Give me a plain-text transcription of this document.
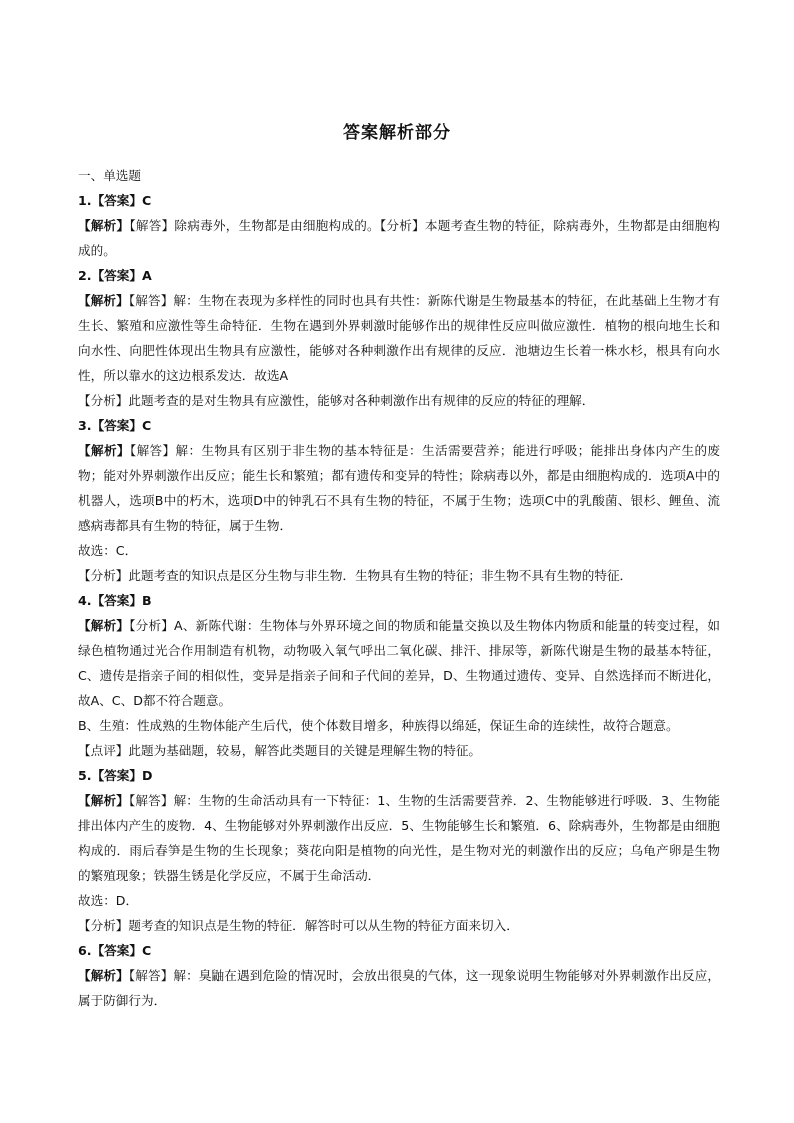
答案解析部分

一、单选题

1.【答案】C

【解析】【解答】除病毒外，生物都是由细胞构成的。【分析】本题考查生物的特征，除病毒外，生物都是由细胞构成的。

2.【答案】A

【解析】【解答】解：生物在表现为多样性的同时也具有共性：新陈代谢是生物最基本的特征，在此基础上生物才有生长、繁殖和应激性等生命特征．生物在遇到外界刺激时能够作出的规律性反应叫做应激性．植物的根向地生长和向水性、向肥性体现出生物具有应激性，能够对各种刺激作出有规律的反应．池塘边生长着一株水杉，根具有向水性，所以靠水的这边根系发达．故选A

【分析】此题考查的是对生物具有应激性，能够对各种刺激作出有规律的反应的特征的理解．

3.【答案】C

【解析】【解答】解：生物具有区别于非生物的基本特征是：生活需要营养；能进行呼吸；能排出身体内产生的废物；能对外界刺激作出反应；能生长和繁殖；都有遗传和变异的特性；除病毒以外，都是由细胞构成的．选项A中的机器人，选项B中的朽木，选项D中的钟乳石不具有生物的特征，不属于生物；选项C中的乳酸菌、银杉、鲤鱼、流感病毒都具有生物的特征，属于生物．

故选：C．

【分析】此题考查的知识点是区分生物与非生物．生物具有生物的特征；非生物不具有生物的特征．

4.【答案】B

【解析】【分析】A、新陈代谢：生物体与外界环境之间的物质和能量交换以及生物体内物质和能量的转变过程，如绿色植物通过光合作用制造有机物，动物吸入氧气呼出二氧化碳、排汗、排尿等，新陈代谢是生物的最基本特征，C、遗传是指亲子间的相似性，变异是指亲子间和子代间的差异，D、生物通过遗传、变异、自然选择而不断进化，故A、C、D都不符合题意。

B、生殖：性成熟的生物体能产生后代，使个体数目增多，种族得以绵延，保证生命的连续性，故符合题意。

【点评】此题为基础题，较易，解答此类题目的关键是理解生物的特征。

5.【答案】D

【解析】【解答】解：生物的生命活动具有一下特征：1、生物的生活需要营养．2、生物能够进行呼吸．3、生物能排出体内产生的废物．4、生物能够对外界刺激作出反应．5、生物能够生长和繁殖．6、除病毒外，生物都是由细胞构成的．雨后春笋是生物的生长现象；葵花向阳是植物的向光性，是生物对光的刺激作出的反应；乌龟产卵是生物的繁殖现象；铁器生锈是化学反应，不属于生命活动．

故选：D．

【分析】题考查的知识点是生物的特征．解答时可以从生物的特征方面来切入．

6.【答案】C

【解析】【解答】解：臭鼬在遇到危险的情况时，会放出很臭的气体，这一现象说明生物能够对外界刺激作出反应，属于防御行为．
